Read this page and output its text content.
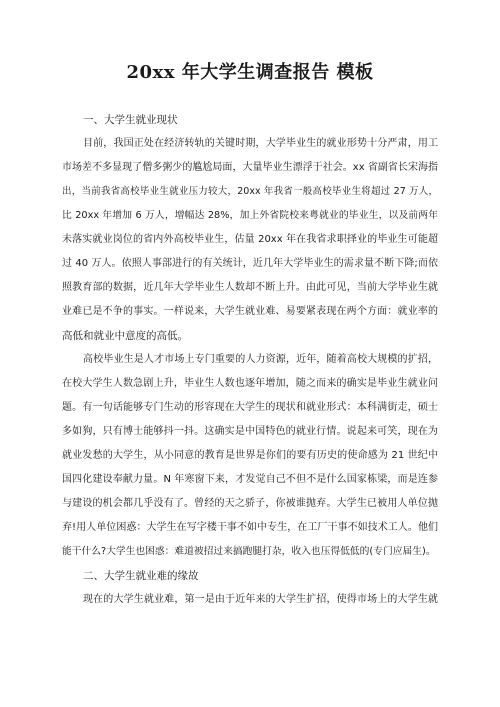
20xx 年大学生调查报告 模板

一、大学生就业现状

目前，我国正处在经济转轨的关键时期，大学毕业生的就业形势十分严肃，用工
市场差不多显现了僧多粥少的尴尬局面，大量毕业生漂浮于社会。xx 省副省长宋海指
出，当前我省高校毕业生就业压力较大，20xx 年我省一般高校毕业生将超过 27 万人，
比 20xx 年增加 6 万人，增幅达 28%，加上外省院校来粤就业的毕业生，以及前两年
未落实就业岗位的省内外高校毕业生，估量 20xx 年在我省求职择业的毕业生可能超
过 40 万人。依照人事部进行的有关统计，近几年大学毕业生的需求量不断下降;而依
照教育部的数据，近几年大学毕业生人数却不断上升。由此可见，当前大学毕业生就
业难已是不争的事实。一样说来，大学生就业难、易要紧表现在两个方面：就业率的
高低和就业中意度的高低。
高校毕业生是人才市场上专门重要的人力资源，近年，随着高校大规模的扩招，
在校大学生人数急剧上升，毕业生人数也逐年增加，随之而来的确实是毕业生就业问
题。有一句话能够专门生动的形容现在大学生的现状和就业形式：本科满街走，硕士
多如狗，只有博士能够抖一抖。这确实是中国特色的就业行情。说起来可笑，现在为
就业发愁的大学生，从小同意的教育是世界是你们的要有历史的使命感为 21 世纪中
国四化建设奉献力量。N 年寒窗下来，才发觉自己不但不是什么国家栋梁，而是连参
与建设的机会都几乎没有了。曾经的天之骄子，你被谁抛弃。大学生已被用人单位抛
弃!用人单位困惑：大学生在写字楼干事不如中专生，在工厂干事不如技术工人。他们
能干什么?大学生也困惑：难道被招过来搞跑腿打杂，收入也压得低低的(专门应届生)。

二、大学生就业难的缘故

现在的大学生就业难，第一是由于近年来的大学生扩招，使得市场上的大学生就
